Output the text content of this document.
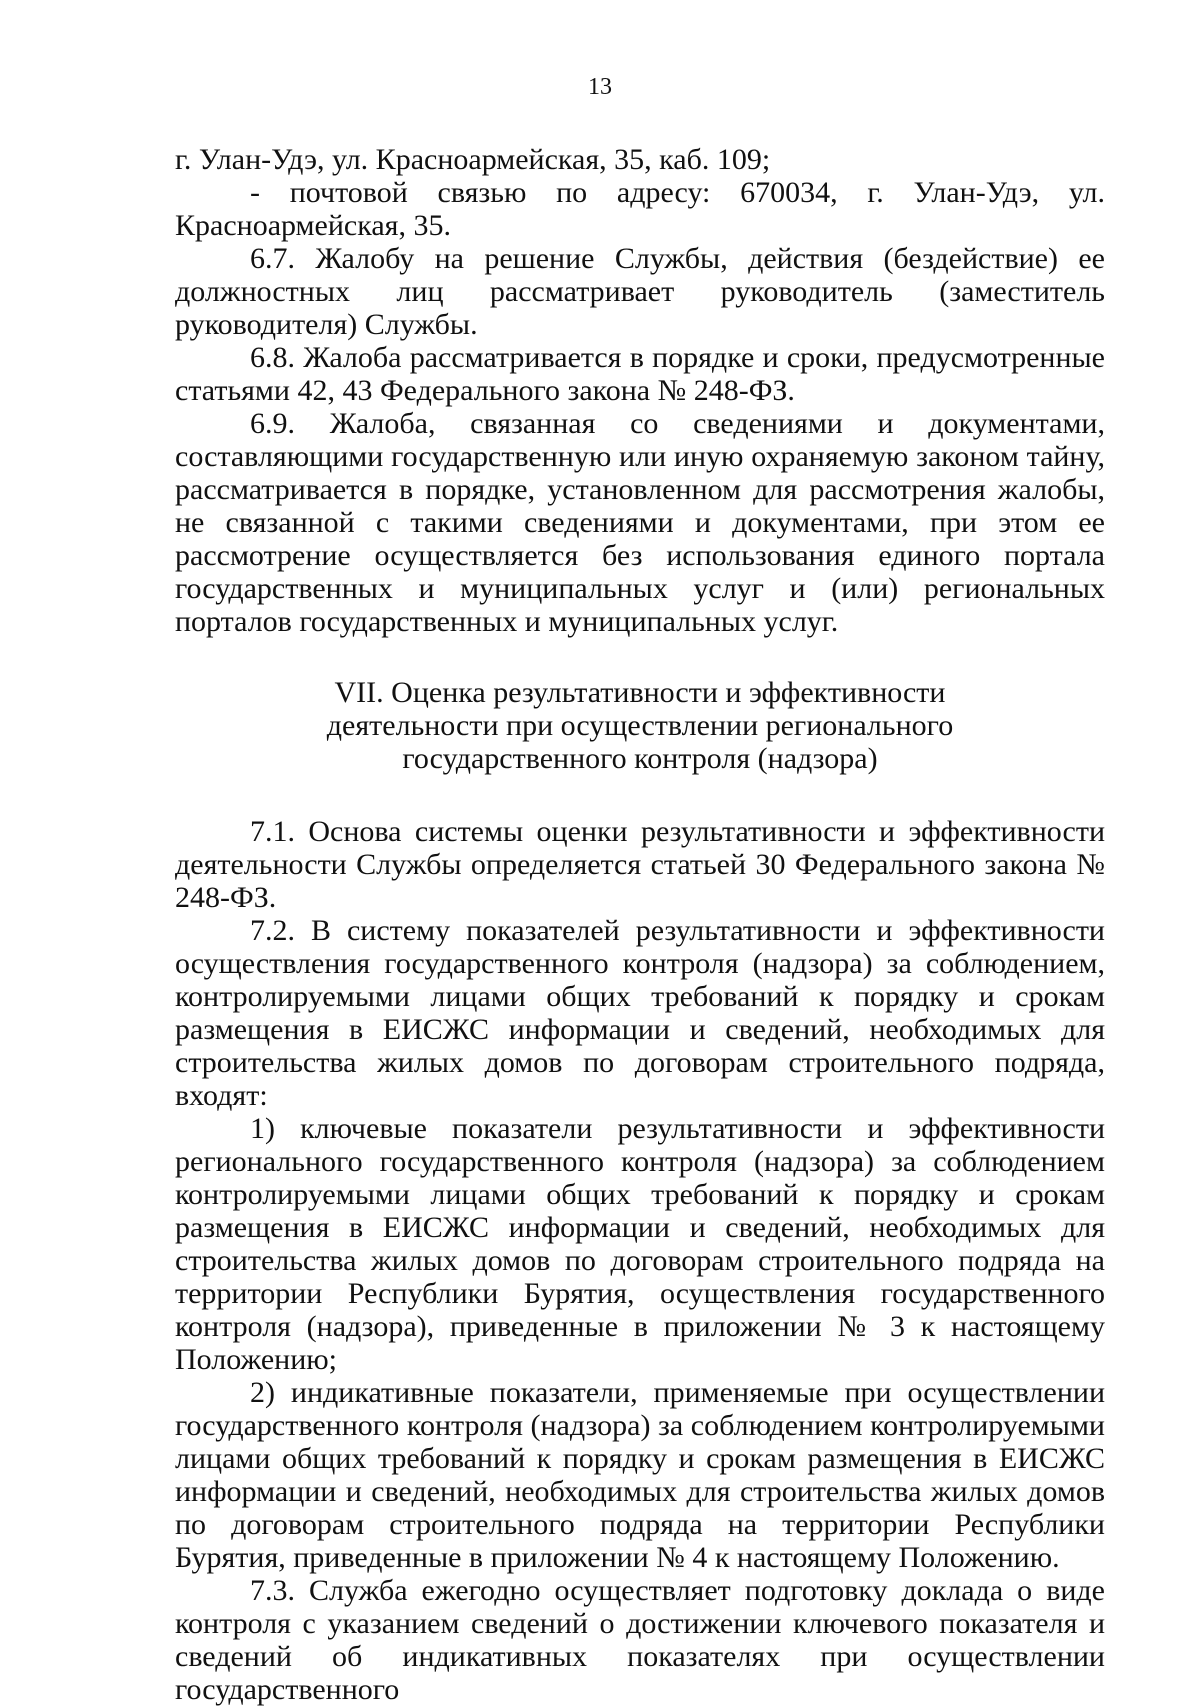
13

г. Улан-Удэ, ул. Красноармейская, 35, каб. 109;

- почтовой связью по адресу: 670034, г. Улан-Удэ, ул. Красноармейская, 35.

6.7. Жалобу на решение Службы, действия (бездействие) ее должностных лиц рассматривает руководитель (заместитель руководителя) Службы.

6.8. Жалоба рассматривается в порядке и сроки, предусмотренные статьями 42, 43 Федерального закона № 248-ФЗ.

6.9. Жалоба, связанная со сведениями и документами, составляющими государственную или иную охраняемую законом тайну, рассматривается в порядке, установленном для рассмотрения жалобы, не связанной с такими сведениями и документами, при этом ее рассмотрение осуществляется без использования единого портала государственных и муниципальных услуг и (или) региональных порталов государственных и муниципальных услуг.

VII. Оценка результативности и эффективности
деятельности при осуществлении регионального
государственного контроля (надзора)

7.1. Основа системы оценки результативности и эффективности деятельности Службы определяется статьей 30 Федерального закона № 248-ФЗ.

7.2. В систему показателей результативности и эффективности осуществления государственного контроля (надзора) за соблюдением, контролируемыми лицами общих требований к порядку и срокам размещения в ЕИСЖС информации и сведений, необходимых для строительства жилых домов по договорам строительного подряда, входят:

1) ключевые показатели результативности и эффективности регионального государственного контроля (надзора) за соблюдением контролируемыми лицами общих требований к порядку и срокам размещения в ЕИСЖС информации и сведений, необходимых для строительства жилых домов по договорам строительного подряда на территории Республики Бурятия, осуществления государственного контроля (надзора), приведенные в приложении № 3 к настоящему Положению;

2) индикативные показатели, применяемые при осуществлении государственного контроля (надзора) за соблюдением контролируемыми лицами общих требований к порядку и срокам размещения в ЕИСЖС информации и сведений, необходимых для строительства жилых домов по договорам строительного подряда на территории Республики Бурятия, приведенные в приложении № 4 к настоящему Положению.

7.3. Служба ежегодно осуществляет подготовку доклада о виде контроля с указанием сведений о достижении ключевого показателя и сведений об индикативных показателях при осуществлении государственного
